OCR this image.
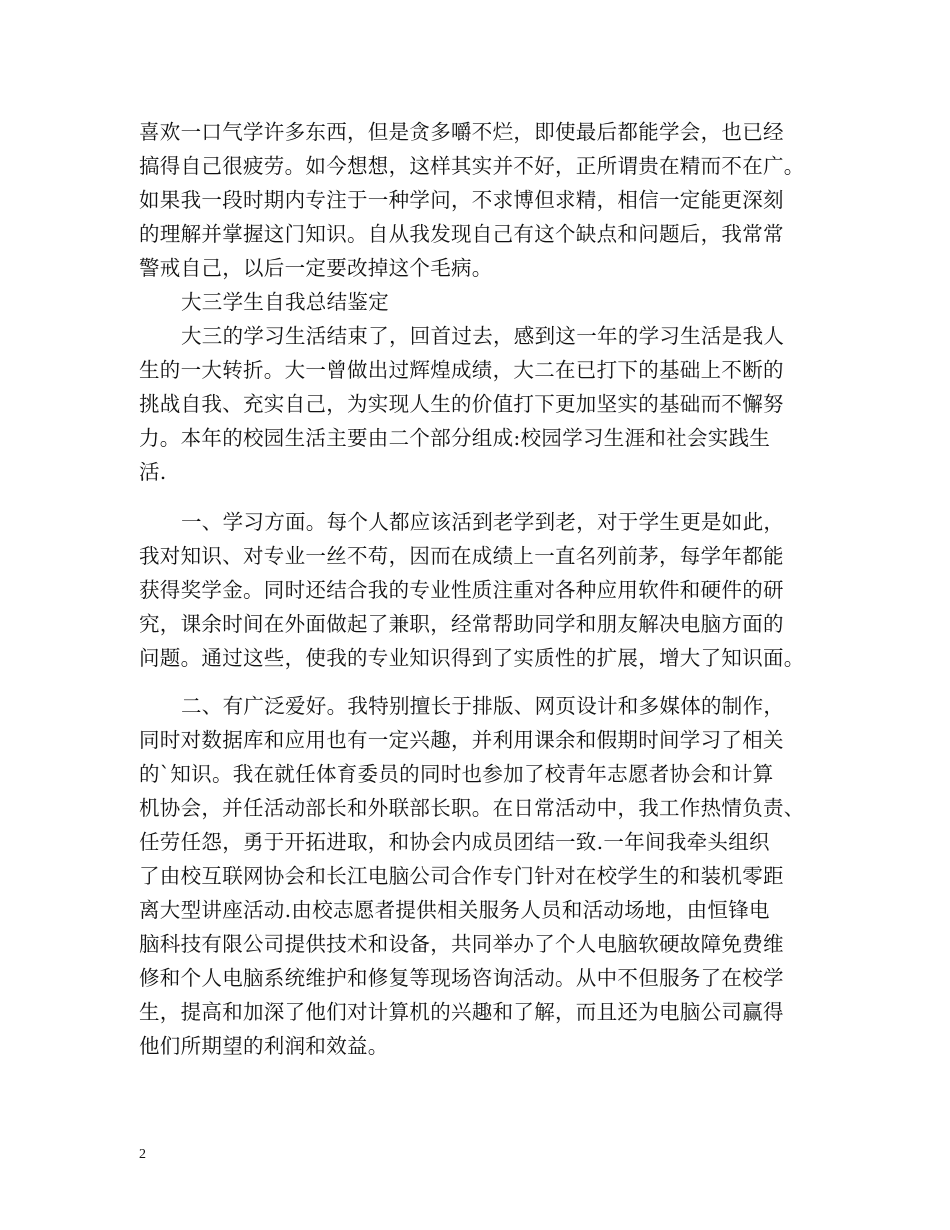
喜欢一口气学许多东西，但是贪多嚼不烂，即使最后都能学会，也已经
搞得自己很疲劳。如今想想，这样其实并不好，正所谓贵在精而不在广。
如果我一段时期内专注于一种学问，不求博但求精，相信一定能更深刻
的理解并掌握这门知识。自从我发现自己有这个缺点和问题后，我常常
警戒自己，以后一定要改掉这个毛病。
大三学生自我总结鉴定
大三的学习生活结束了，回首过去，感到这一年的学习生活是我人
生的一大转折。大一曾做出过辉煌成绩，大二在已打下的基础上不断的
挑战自我、充实自己，为实现人生的价值打下更加坚实的基础而不懈努
力。本年的校园生活主要由二个部分组成:校园学习生涯和社会实践生
活.
一、学习方面。每个人都应该活到老学到老，对于学生更是如此，
我对知识、对专业一丝不苟，因而在成绩上一直名列前茅，每学年都能
获得奖学金。同时还结合我的专业性质注重对各种应用软件和硬件的研
究，课余时间在外面做起了兼职，经常帮助同学和朋友解决电脑方面的
问题。通过这些，使我的专业知识得到了实质性的扩展，增大了知识面。
二、有广泛爱好。我特别擅长于排版、网页设计和多媒体的制作，
同时对数据库和应用也有一定兴趣，并利用课余和假期时间学习了相关
的`知识。我在就任体育委员的同时也参加了校青年志愿者协会和计算
机协会，并任活动部长和外联部长职。在日常活动中，我工作热情负责、
任劳任怨，勇于开拓进取，和协会内成员团结一致.一年间我牵头组织
了由校互联网协会和长江电脑公司合作专门针对在校学生的和装机零距
离大型讲座活动.由校志愿者提供相关服务人员和活动场地，由恒锋电
脑科技有限公司提供技术和设备，共同举办了个人电脑软硬故障免费维
修和个人电脑系统维护和修复等现场咨询活动。从中不但服务了在校学
生，提高和加深了他们对计算机的兴趣和了解，而且还为电脑公司赢得
他们所期望的利润和效益。
2
